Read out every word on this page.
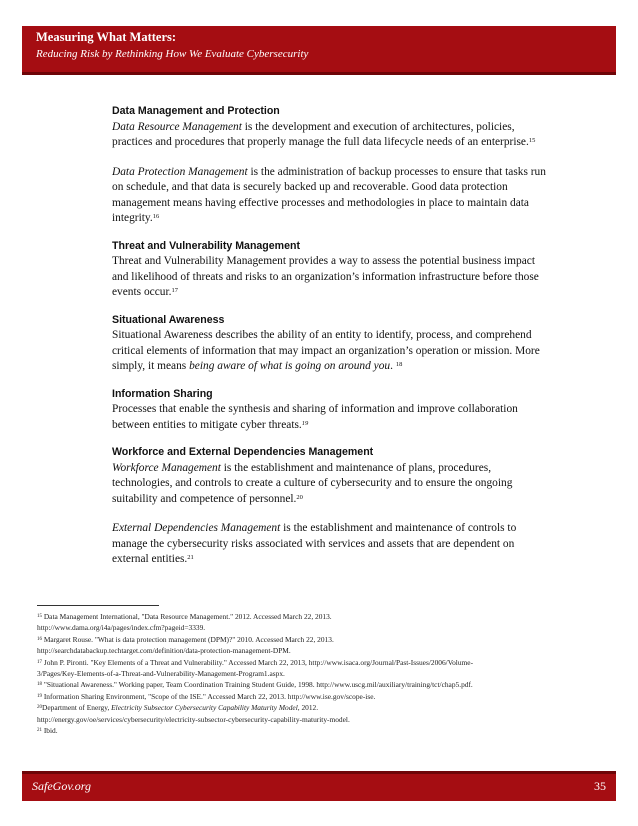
Measuring What Matters:
Reducing Risk by Rethinking How We Evaluate Cybersecurity
Data Management and Protection

Data Resource Management is the development and execution of architectures, policies, practices and procedures that properly manage the full data lifecycle needs of an enterprise.$^{15}$

Data Protection Management is the administration of backup processes to ensure that tasks run on schedule, and that data is securely backed up and recoverable. Good data protection management means having effective processes and methodologies in place to maintain data integrity.$^{16}$

Threat and Vulnerability Management

Threat and Vulnerability Management provides a way to assess the potential business impact and likelihood of threats and risks to an organization’s information infrastructure before those events occur.$^{17}$

Situational Awareness

Situational Awareness describes the ability of an entity to identify, process, and comprehend critical elements of information that may impact an organization’s operation or mission. More simply, it means being aware of what is going on around you. $^{18}$

Information Sharing

Processes that enable the synthesis and sharing of information and improve collaboration between entities to mitigate cyber threats.$^{19}$

Workforce and External Dependencies Management

Workforce Management is the establishment and maintenance of plans, procedures, technologies, and controls to create a culture of cybersecurity and to ensure the ongoing suitability and competence of personnel.$^{20}$

External Dependencies Management is the establishment and maintenance of controls to manage the cybersecurity risks associated with services and assets that are dependent on external entities.$^{21}$

$^{15}$ Data Management International, "Data Resource Management." 2012. Accessed March 22, 2013.
http://www.dama.org/i4a/pages/index.cfm?pageid=3339.
$^{16}$ Margaret Rouse. "What is data protection management (DPM)?" 2010. Accessed March 22, 2013.
http://searchdatabackup.techtarget.com/definition/data-protection-management-DPM.
$^{17}$ John P. Pironti. "Key Elements of a Threat and Vulnerability." Accessed March 22, 2013, http://www.isaca.org/Journal/Past-Issues/2006/Volume-
3/Pages/Key-Elements-of-a-Threat-and-Vulnerability-Management-Program1.aspx.
$^{18}$ "Situational Awareness." Working paper, Team Coordination Training Student Guide, 1998. http://www.uscg.mil/auxiliary/training/tct/chap5.pdf.
$^{19}$ Information Sharing Environment, "Scope of the ISE." Accessed March 22, 2013. http://www.ise.gov/scope-ise.
$^{20}$Department of Energy, Electricity Subsector Cybersecurity Capability Maturity Model, 2012.
http://energy.gov/oe/services/cybersecurity/electricity-subsector-cybersecurity-capability-maturity-model.
$^{21}$ Ibid.
SafeGov.org	35
